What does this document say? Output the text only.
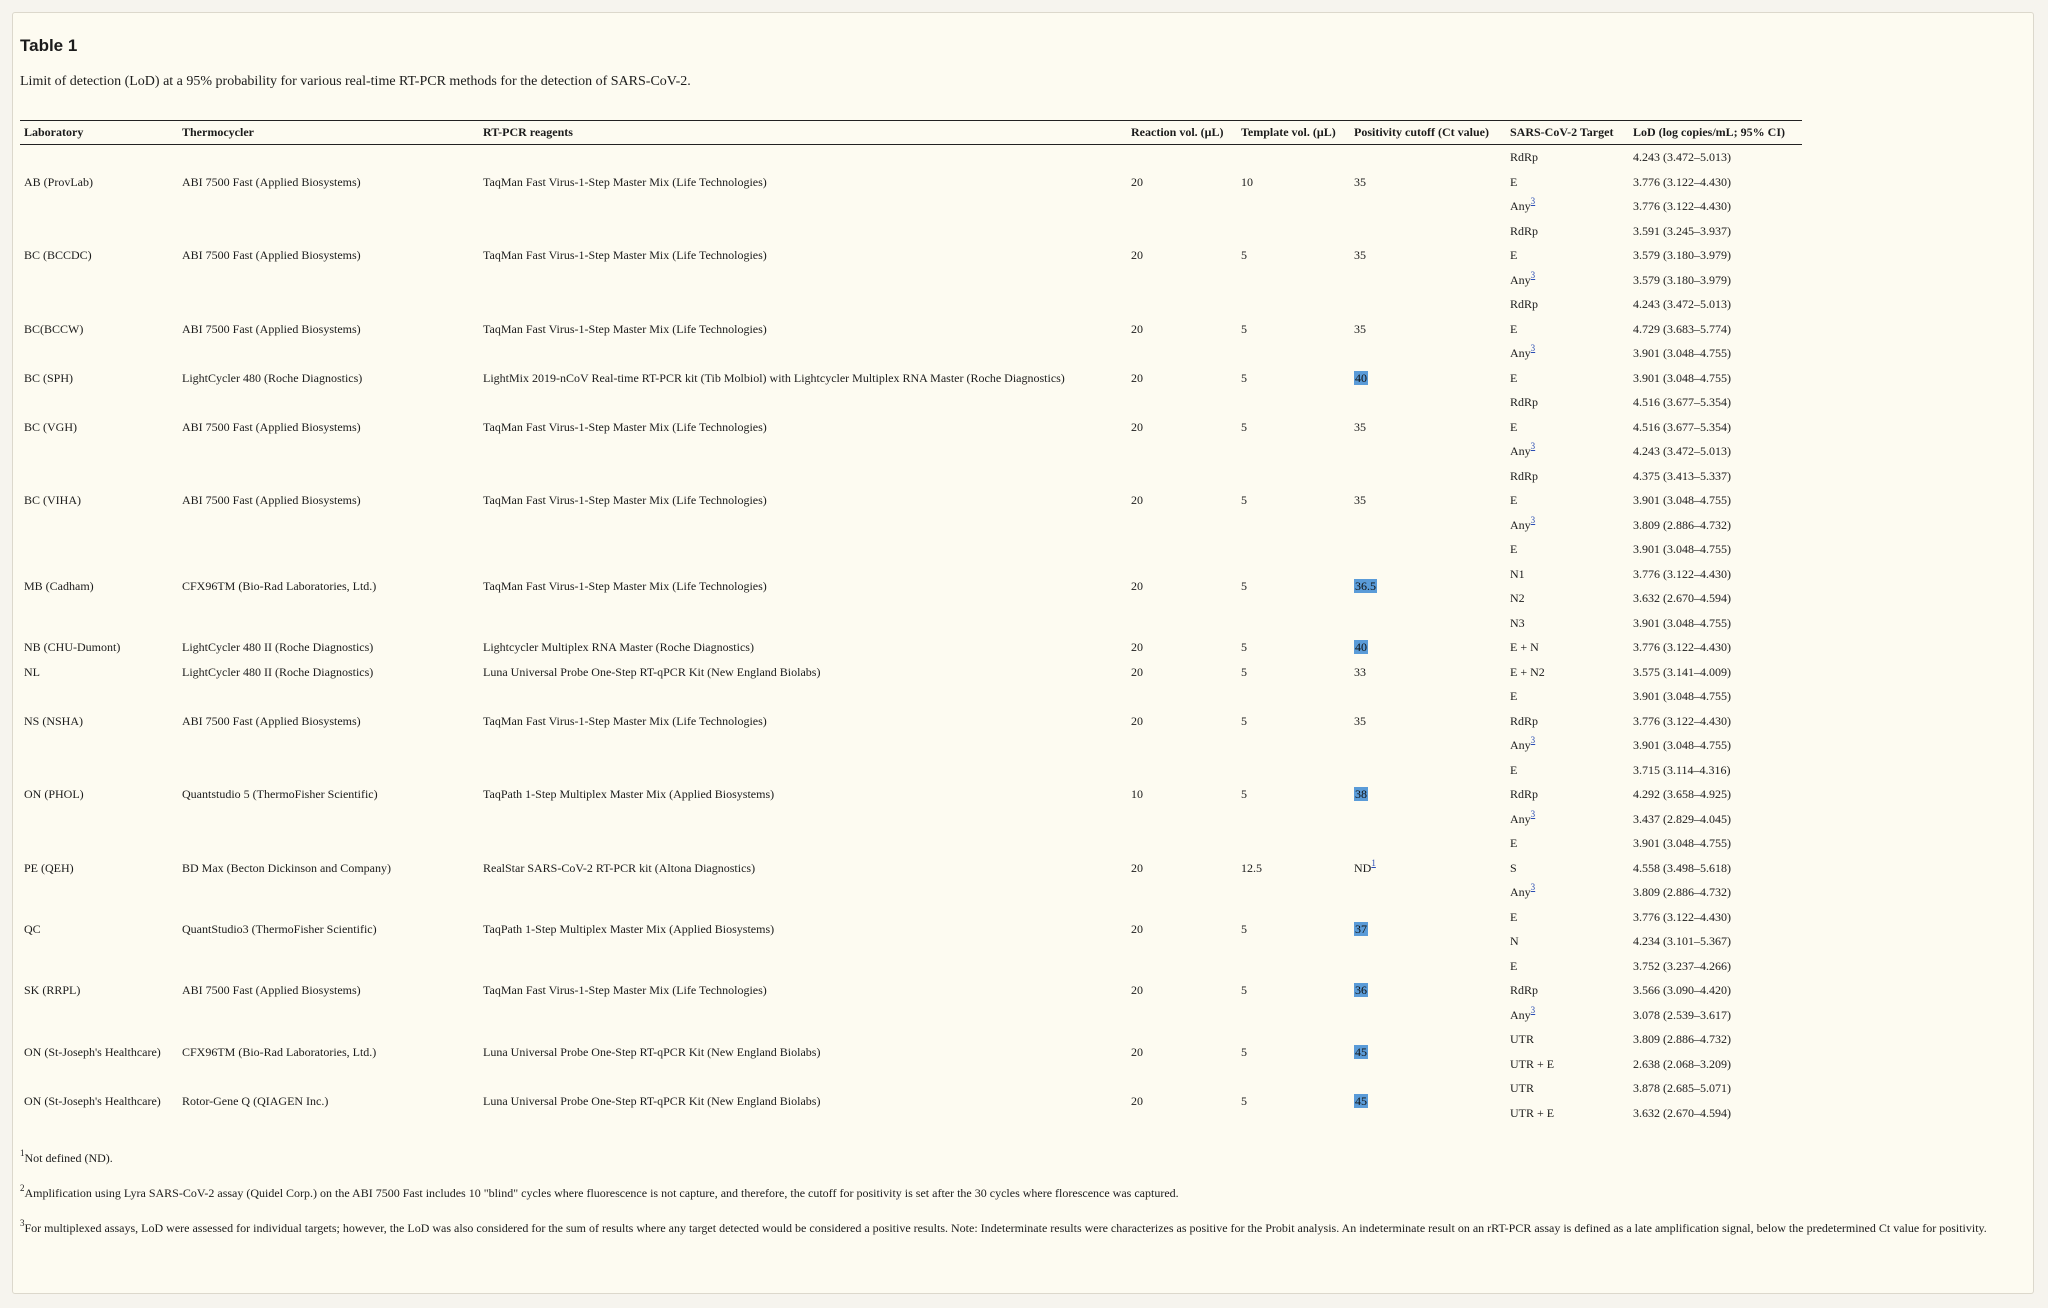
Table 1
Limit of detection (LoD) at a 95% probability for various real-time RT-PCR methods for the detection of SARS-CoV-2.
Laboratory	Thermocycler	RT-PCR reagents	Reaction vol. (μL)	Template vol. (μL)	Positivity cutoff (Ct value)	SARS-CoV-2 Target	LoD (log copies/mL; 95% CI)
AB (ProvLab)	ABI 7500 Fast (Applied Biosystems)	TaqMan Fast Virus-1-Step Master Mix (Life Technologies)	20	10	35	RdRp	4.243 (3.472–5.013)
						E	3.776 (3.122–4.430)
						Any$^3$	3.776 (3.122–4.430)
BC (BCCDC)	ABI 7500 Fast (Applied Biosystems)	TaqMan Fast Virus-1-Step Master Mix (Life Technologies)	20	5	35	RdRp	3.591 (3.245–3.937)
						E	3.579 (3.180–3.979)
						Any$^3$	3.579 (3.180–3.979)
BC(BCCW)	ABI 7500 Fast (Applied Biosystems)	TaqMan Fast Virus-1-Step Master Mix (Life Technologies)	20	5	35	RdRp	4.243 (3.472–5.013)
						E	4.729 (3.683–5.774)
						Any$^3$	3.901 (3.048–4.755)
BC (SPH)	LightCycler 480 (Roche Diagnostics)	LightMix 2019-nCoV Real-time RT-PCR kit (Tib Molbiol) with Lightcycler Multiplex RNA Master (Roche Diagnostics)	20	5	40	E	3.901 (3.048–4.755)
BC (VGH)	ABI 7500 Fast (Applied Biosystems)	TaqMan Fast Virus-1-Step Master Mix (Life Technologies)	20	5	35	RdRp	4.516 (3.677–5.354)
						E	4.516 (3.677–5.354)
						Any$^3$	4.243 (3.472–5.013)
BC (VIHA)	ABI 7500 Fast (Applied Biosystems)	TaqMan Fast Virus-1-Step Master Mix (Life Technologies)	20	5	35	RdRp	4.375 (3.413–5.337)
						E	3.901 (3.048–4.755)
						Any$^3$	3.809 (2.886–4.732)
MB (Cadham)	CFX96TM (Bio-Rad Laboratories, Ltd.)	TaqMan Fast Virus-1-Step Master Mix (Life Technologies)	20	5	36.5	E	3.901 (3.048–4.755)
						N1	3.776 (3.122–4.430)
						N2	3.632 (2.670–4.594)
						N3	3.901 (3.048–4.755)
NB (CHU-Dumont)	LightCycler 480 II (Roche Diagnostics)	Lightcycler Multiplex RNA Master (Roche Diagnostics)	20	5	40	E + N	3.776 (3.122–4.430)
NL	LightCycler 480 II (Roche Diagnostics)	Luna Universal Probe One-Step RT-qPCR Kit (New England Biolabs)	20	5	33	E + N2	3.575 (3.141–4.009)
NS (NSHA)	ABI 7500 Fast (Applied Biosystems)	TaqMan Fast Virus-1-Step Master Mix (Life Technologies)	20	5	35	E	3.901 (3.048–4.755)
						RdRp	3.776 (3.122–4.430)
						Any$^3$	3.901 (3.048–4.755)
ON (PHOL)	Quantstudio 5 (ThermoFisher Scientific)	TaqPath 1-Step Multiplex Master Mix (Applied Biosystems)	10	5	38	E	3.715 (3.114–4.316)
						RdRp	4.292 (3.658–4.925)
						Any$^3$	3.437 (2.829–4.045)
PE (QEH)	BD Max (Becton Dickinson and Company)	RealStar SARS-CoV-2 RT-PCR kit (Altona Diagnostics)	20	12.5	ND$^1$	E	3.901 (3.048–4.755)
						S	4.558 (3.498–5.618)
						Any$^3$	3.809 (2.886–4.732)
QC	QuantStudio3 (ThermoFisher Scientific)	TaqPath 1-Step Multiplex Master Mix (Applied Biosystems)	20	5	37	E	3.776 (3.122–4.430)
						N	4.234 (3.101–5.367)
SK (RRPL)	ABI 7500 Fast (Applied Biosystems)	TaqMan Fast Virus-1-Step Master Mix (Life Technologies)	20	5	36	E	3.752 (3.237–4.266)
						RdRp	3.566 (3.090–4.420)
						Any$^3$	3.078 (2.539–3.617)
ON (St-Joseph's Healthcare)	CFX96TM (Bio-Rad Laboratories, Ltd.)	Luna Universal Probe One-Step RT-qPCR Kit (New England Biolabs)	20	5	45	UTR	3.809 (2.886–4.732)
						UTR + E	2.638 (2.068–3.209)
ON (St-Joseph's Healthcare)	Rotor-Gene Q (QIAGEN Inc.)	Luna Universal Probe One-Step RT-qPCR Kit (New England Biolabs)	20	5	45	UTR	3.878 (2.685–5.071)
						UTR + E	3.632 (2.670–4.594)

$^1$Not defined (ND).

$^2$Amplification using Lyra SARS-CoV-2 assay (Quidel Corp.) on the ABI 7500 Fast includes 10 "blind" cycles where fluorescence is not capture, and therefore, the cutoff for positivity is set after the 30 cycles where florescence was captured.

$^3$For multiplexed assays, LoD were assessed for individual targets; however, the LoD was also considered for the sum of results where any target detected would be considered a positive results. Note: Indeterminate results were characterizes as positive for the Probit analysis. An indeterminate result on an rRT-PCR assay is defined as a late amplification signal, below the predetermined Ct value for positivity.
